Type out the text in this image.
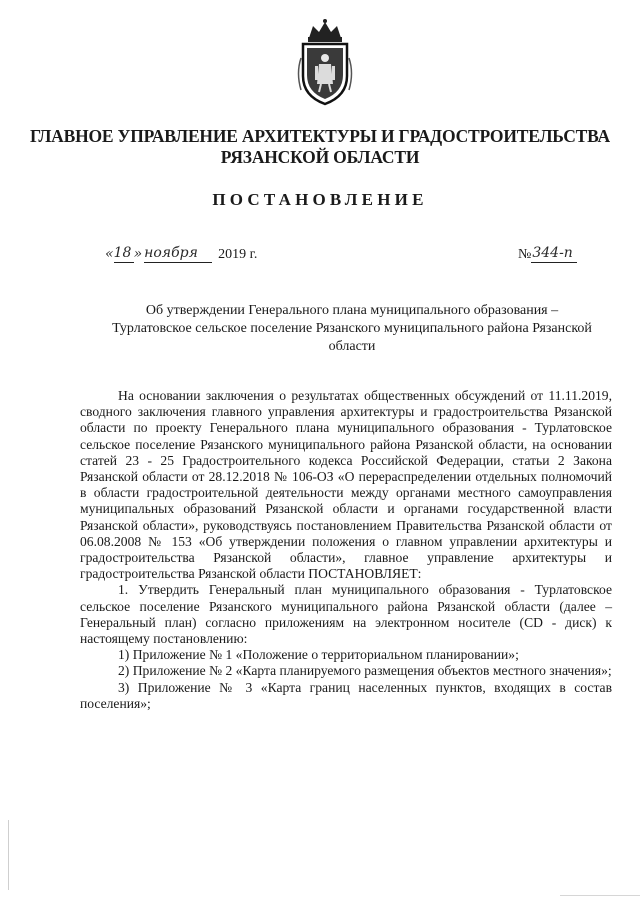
ГЛАВНОЕ УПРАВЛЕНИЕ АРХИТЕКТУРЫ И ГРАДОСТРОИТЕЛЬСТВА
РЯЗАНСКОЙ ОБЛАСТИ
ПОСТАНОВЛЕНИЕ
« 18 » ноября 2019 г.	№ 344-п
Об утверждении Генерального плана муниципального образования –
Турлатовское сельское поселение Рязанского муниципального района Рязанской
области

На основании заключения о результатах общественных обсуждений от 11.11.2019, сводного заключения главного управления архитектуры и градостроительства Рязанской области по проекту Генерального плана муниципального образования - Турлатовское сельское поселение Рязанского муниципального района Рязанской области, на основании статей 23 - 25 Градостроительного кодекса Российской Федерации, статьи 2 Закона Рязанской области от 28.12.2018 № 106-ОЗ «О перераспределении отдельных полномочий в области градостроительной деятельности между органами местного самоуправления муниципальных образований Рязанской области и органами государственной власти Рязанской области», руководствуясь постановлением Правительства Рязанской области от 06.08.2008 № 153 «Об утверждении положения о главном управлении архитектуры и градостроительства Рязанской области», главное управление архитектуры и градостроительства Рязанской области ПОСТАНОВЛЯЕТ:

1. Утвердить Генеральный план муниципального образования - Турлатовское сельское поселение Рязанского муниципального района Рязанской области (далее – Генеральный план) согласно приложениям на электронном носителе (CD - диск) к настоящему постановлению:

1) Приложение № 1 «Положение о территориальном планировании»;

2) Приложение № 2 «Карта планируемого размещения объектов местного значения»;

3) Приложение № 3 «Карта границ населенных пунктов, входящих в состав поселения»;
